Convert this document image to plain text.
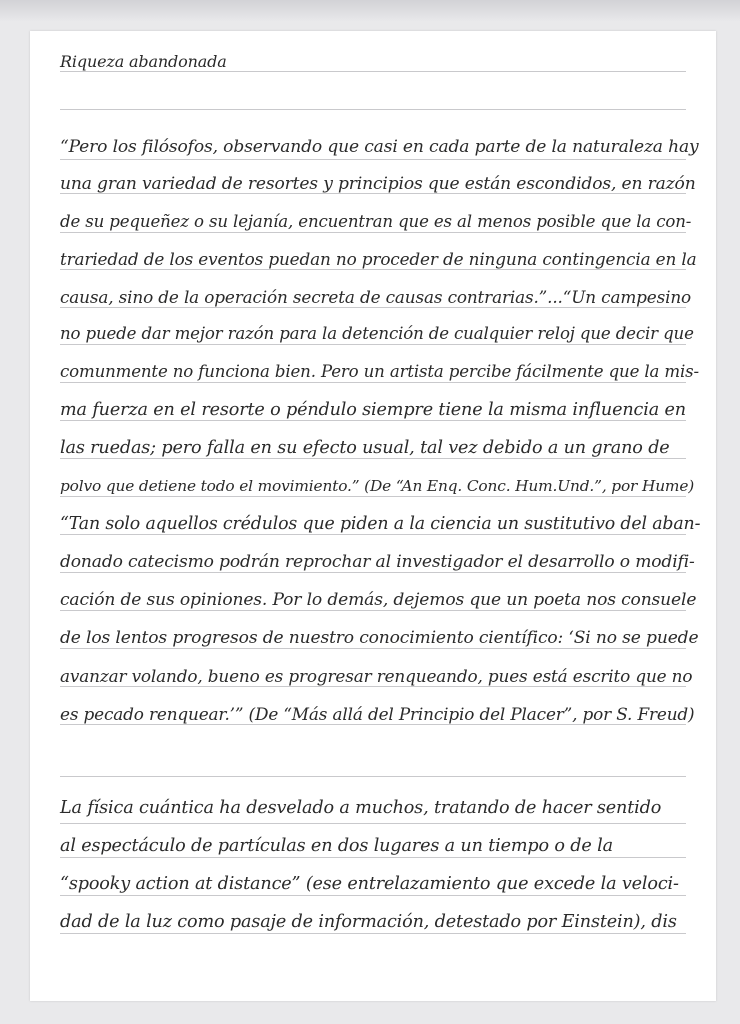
Riqueza abandonada
“Pero los filósofos, observando que casi en cada parte de la naturaleza hay
una gran variedad de resortes y principios que están escondidos, en razón
de su pequeñez o su lejanía, encuentran que es al menos posible que la con-
trariedad de los eventos puedan no proceder de ninguna contingencia en la
causa, sino de la operación secreta de causas contrarias.”...“Un campesino
no puede dar mejor razón para la detención de cualquier reloj que decir que
comunmente no funciona bien. Pero un artista percibe fácilmente que la mis-
ma fuerza en el resorte o péndulo siempre tiene la misma influencia en
las ruedas; pero falla en su efecto usual, tal vez debido a un grano de
polvo que detiene todo el movimiento.” (De “An Enq. Conc. Hum.Und.”, por Hume)
“Tan solo aquellos crédulos que piden a la ciencia un sustitutivo del aban-
donado catecismo podrán reprochar al investigador el desarrollo o modifi-
cación de sus opiniones. Por lo demás, dejemos que un poeta nos consuele
de los lentos progresos de nuestro conocimiento científico: ‘Si no se puede
avanzar volando, bueno es progresar renqueando, pues está escrito que no
es pecado renquear.’” (De “Más allá del Principio del Placer”, por S. Freud)
La física cuántica ha desvelado a muchos, tratando de hacer sentido
al espectáculo de partículas en dos lugares a un tiempo o de la
“spooky action at distance” (ese entrelazamiento que excede la veloci-
dad de la luz como pasaje de información, detestado por Einstein), dis
